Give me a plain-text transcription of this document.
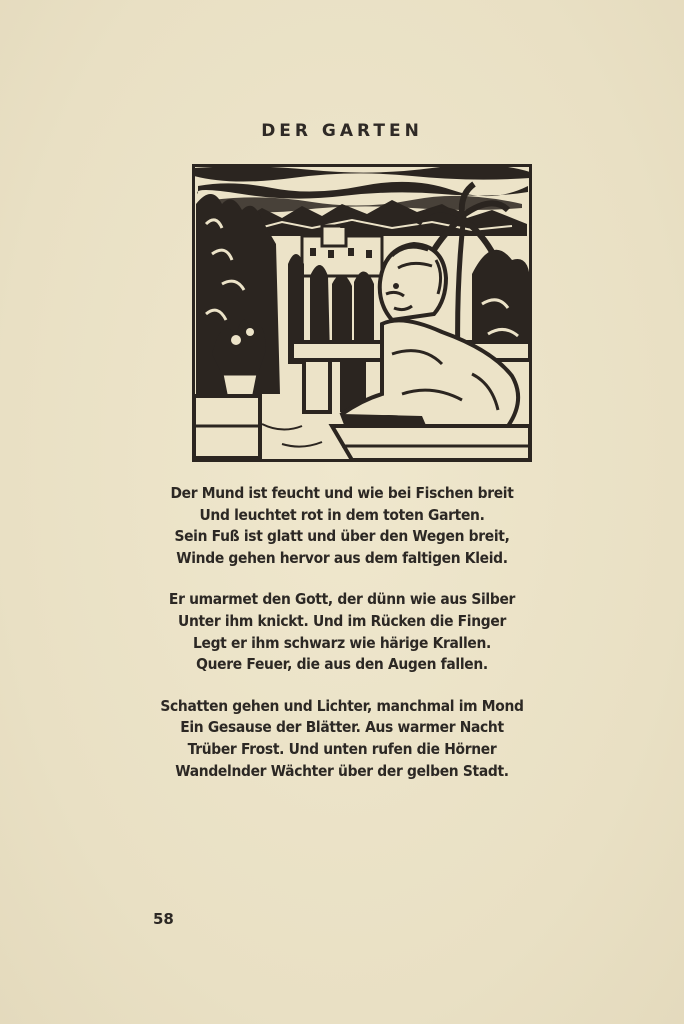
DER GARTEN
Der Mund ist feucht und wie bei Fischen breit
Und leuchtet rot in dem toten Garten.
Sein Fuß ist glatt und über den Wegen breit,
Winde gehen hervor aus dem faltigen Kleid.
Er umarmet den Gott, der dünn wie aus Silber
Unter ihm knickt. Und im Rücken die Finger
Legt er ihm schwarz wie härige Krallen.
Quere Feuer, die aus den Augen fallen.
Schatten gehen und Lichter, manchmal im Mond
Ein Gesause der Blätter. Aus warmer Nacht
Trüber Frost. Und unten rufen die Hörner
Wandelnder Wächter über der gelben Stadt.
58
